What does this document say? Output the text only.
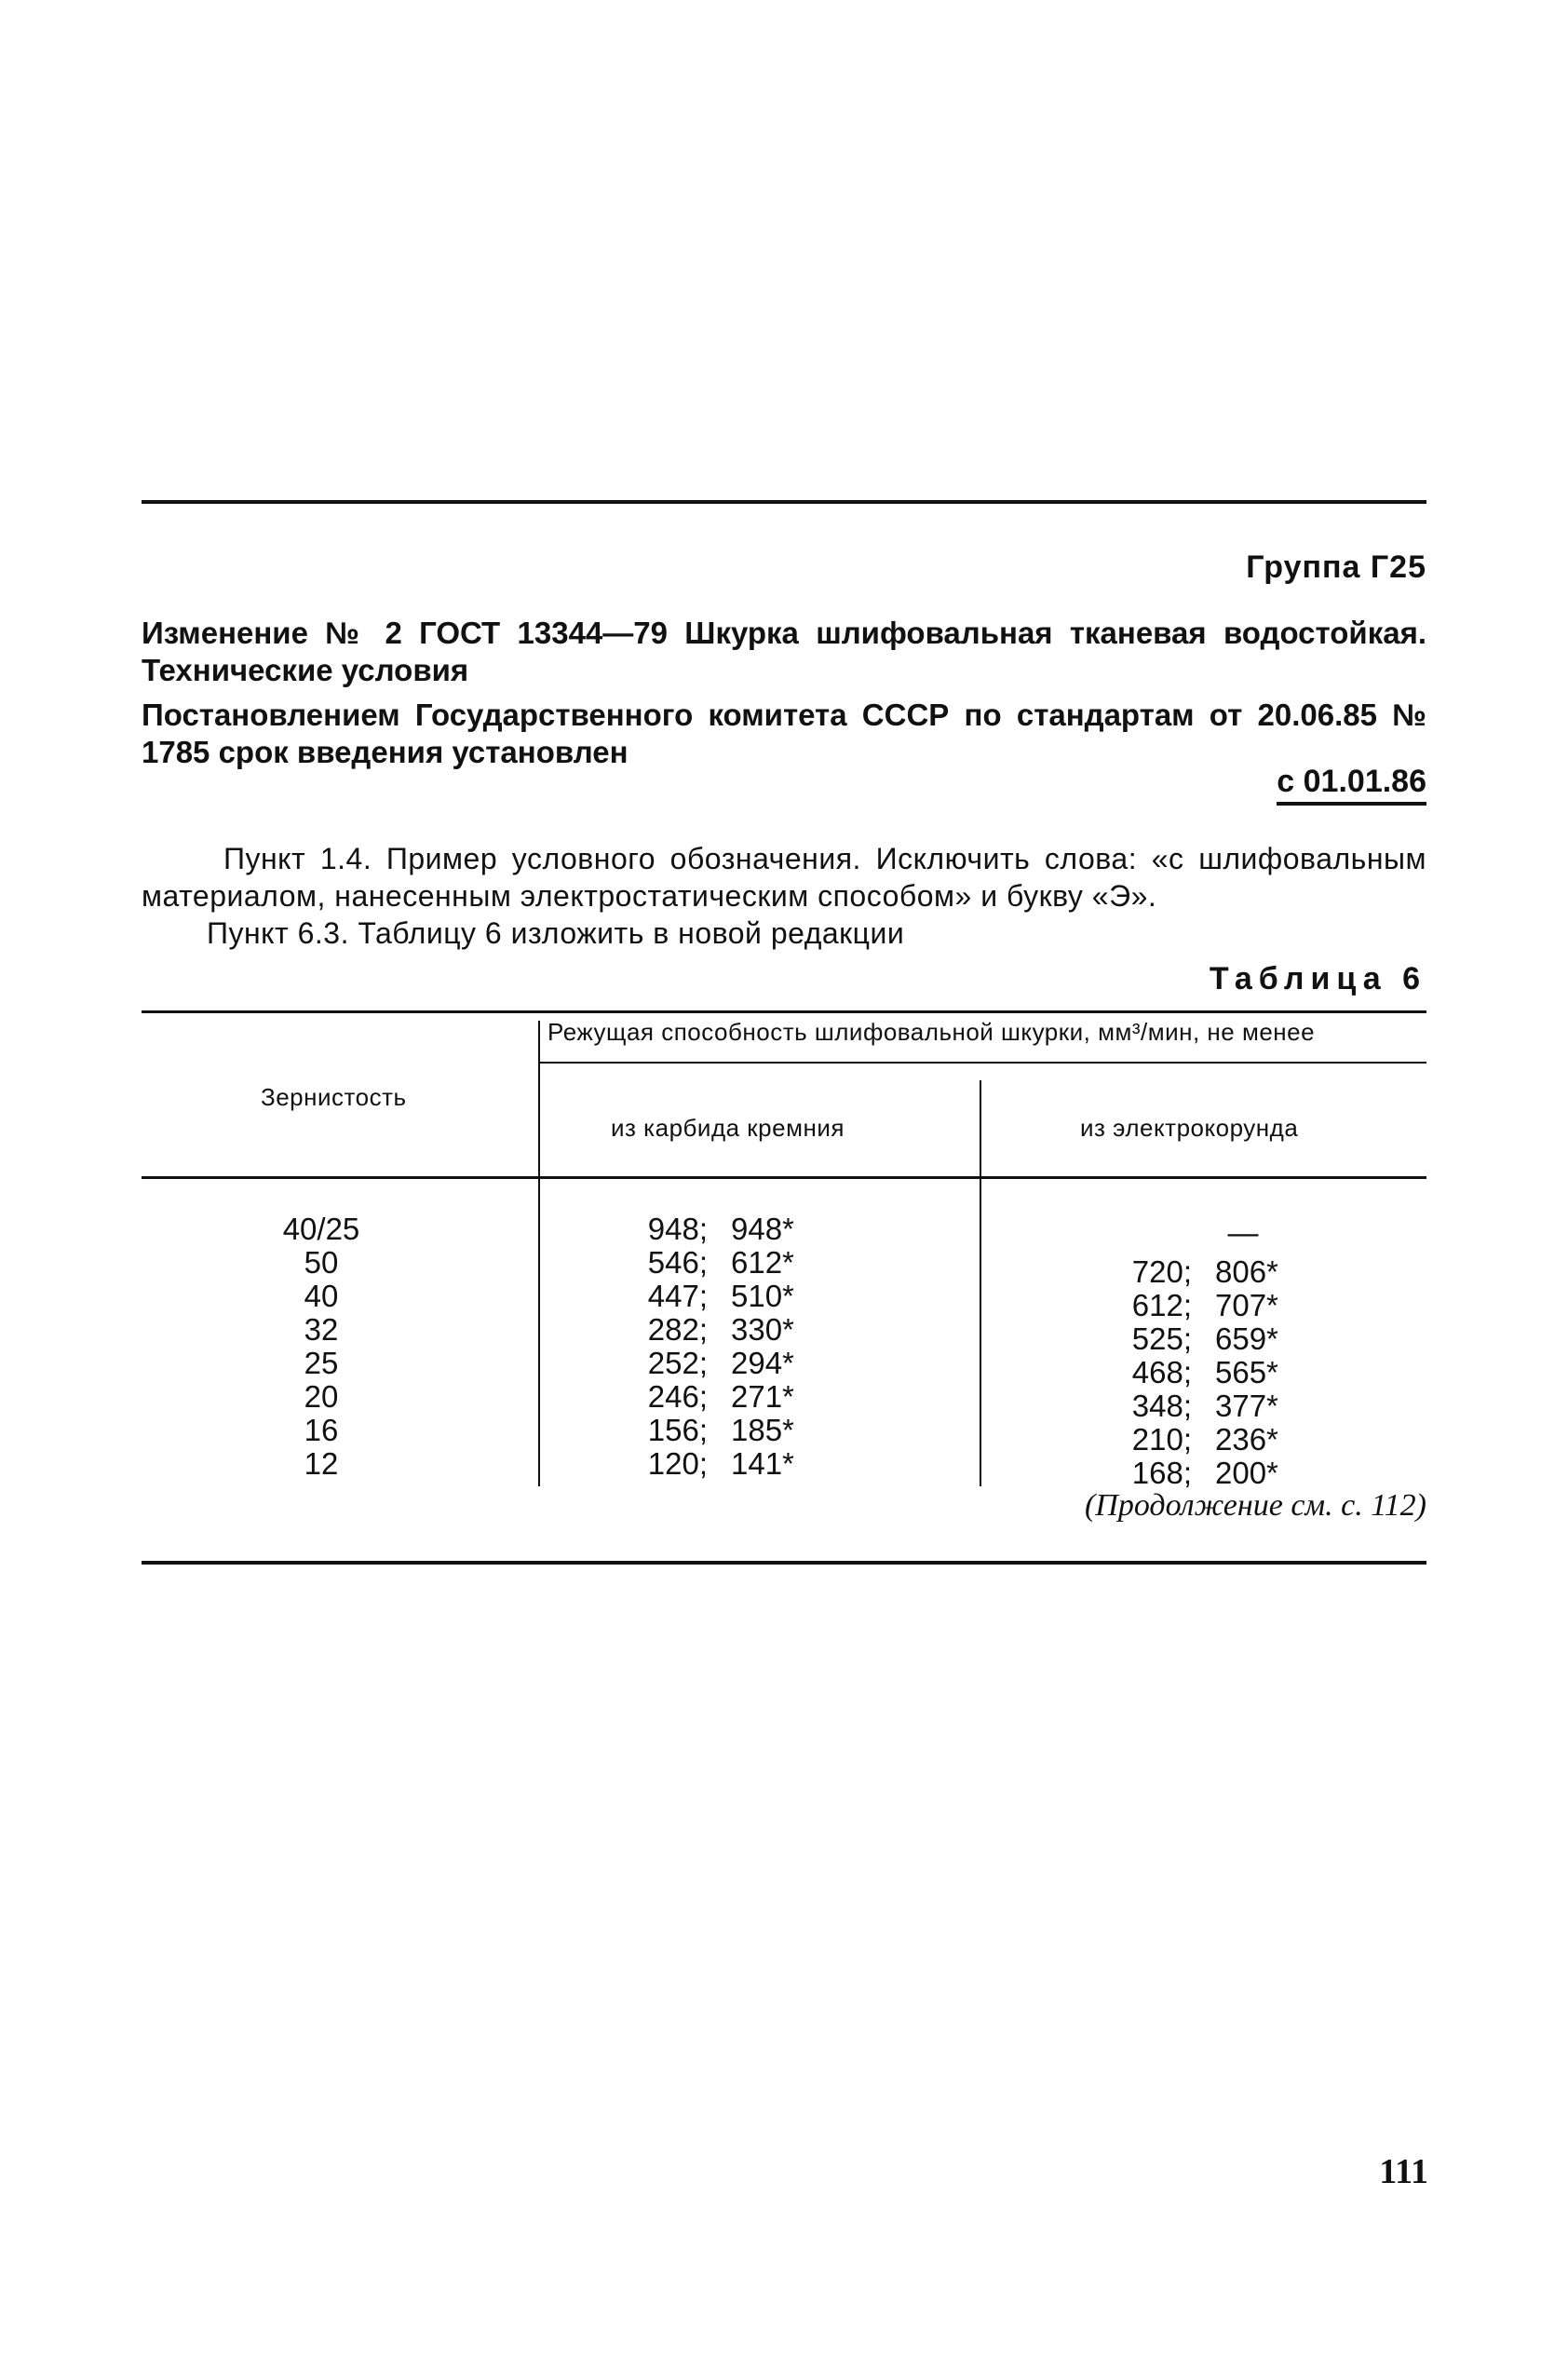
Группа Г25
Изменение № 2 ГОСТ 13344—79 Шкурка шлифовальная тканевая водостойкая. Технические условия
Постановлением Государственного комитета СССР по стандартам от 20.06.85 № 1785 срок введения установлен
с 01.01.86
Пункт 1.4. Пример условного обозначения. Исключить слова: «с шлифовальным материалом, нанесенным электростатическим способом» и букву «Э».
Пункт 6.3. Таблицу 6 изложить в новой редакции
Таблица 6
Зернистость
Режущая способность шлифовальной шкурки, мм³/мин, не менее
из карбида кремния	из электрокорунда
40/25	948; 948*	—
50	546; 612*	720; 806*
40	447; 510*	612; 707*
32	282; 330*	525; 659*
25	252; 294*	468; 565*
20	246; 271*	348; 377*
16	156; 185*	210; 236*
12	120; 141*	168; 200*
(Продолжение см. с. 112)
111
